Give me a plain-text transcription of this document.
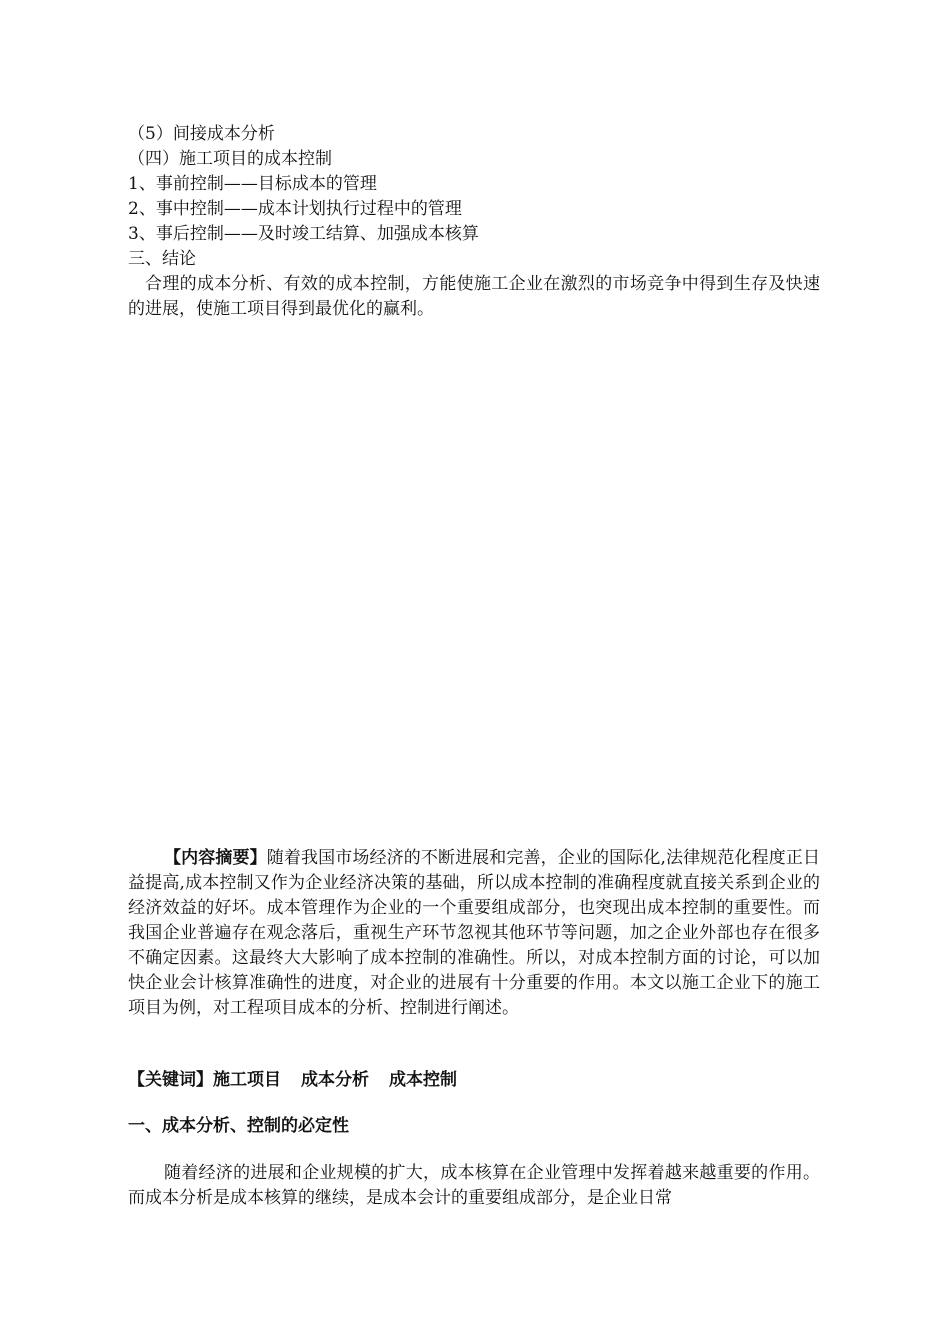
（5）间接成本分析
（四）施工项目的成本控制
1、事前控制——目标成本的管理
2、事中控制——成本计划执行过程中的管理
3、事后控制——及时竣工结算、加强成本核算
三、结论
合理的成本分析、有效的成本控制，方能使施工企业在激烈的市场竞争中得到生存及快速的进展，使施工项目得到最优化的赢利。
【内容摘要】随着我国市场经济的不断进展和完善，企业的国际化,法律规范化程度正日益提高,成本控制又作为企业经济决策的基础，所以成本控制的准确程度就直接关系到企业的经济效益的好坏。成本管理作为企业的一个重要组成部分，也突现出成本控制的重要性。而我国企业普遍存在观念落后，重视生产环节忽视其他环节等问题，加之企业外部也存在很多不确定因素。这最终大大影响了成本控制的准确性。所以，对成本控制方面的讨论，可以加快企业会计核算准确性的进度，对企业的进展有十分重要的作用。本文以施工企业下的施工项目为例，对工程项目成本的分析、控制进行阐述。
【关键词】施工项目 成本分析 成本控制
一、成本分析、控制的必定性
随着经济的进展和企业规模的扩大，成本核算在企业管理中发挥着越来越重要的作用。而成本分析是成本核算的继续，是成本会计的重要组成部分，是企业日常
